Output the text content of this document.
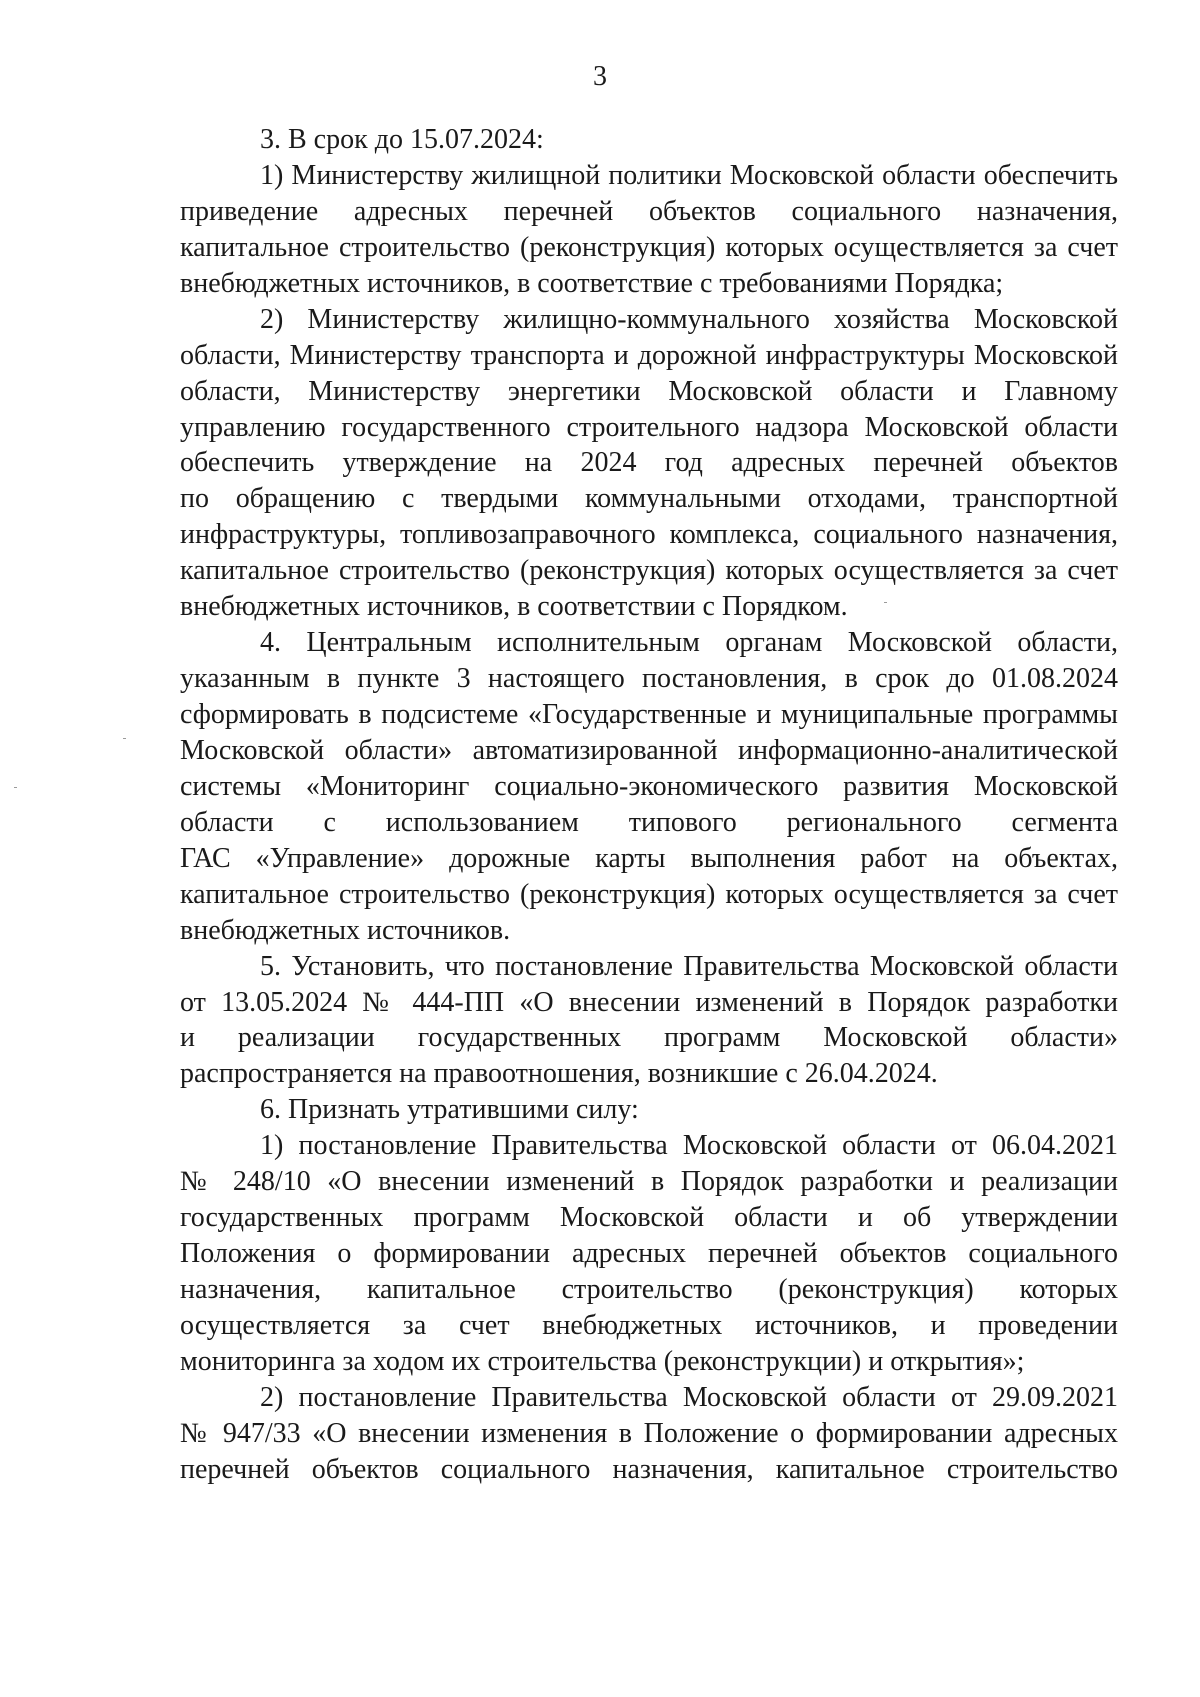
3
3. В срок до 15.07.2024:
1) Министерству жилищной политики Московской области обеспечить
приведение адресных перечней объектов социального назначения,
капитальное строительство (реконструкция) которых осуществляется за счет
внебюджетных источников, в соответствие с требованиями Порядка;
2) Министерству жилищно-коммунального хозяйства Московской
области, Министерству транспорта и дорожной инфраструктуры Московской
области, Министерству энергетики Московской области и Главному
управлению государственного строительного надзора Московской области
обеспечить утверждение на 2024 год адресных перечней объектов
по обращению с твердыми коммунальными отходами, транспортной
инфраструктуры, топливозаправочного комплекса, социального назначения,
капитальное строительство (реконструкция) которых осуществляется за счет
внебюджетных источников, в соответствии с Порядком.
4. Центральным исполнительным органам Московской области,
указанным в пункте 3 настоящего постановления, в срок до 01.08.2024
сформировать в подсистеме «Государственные и муниципальные программы
Московской области» автоматизированной информационно-аналитической
системы «Мониторинг социально-экономического развития Московской
области с использованием типового регионального сегмента
ГАС «Управление» дорожные карты выполнения работ на объектах,
капитальное строительство (реконструкция) которых осуществляется за счет
внебюджетных источников.
5. Установить, что постановление Правительства Московской области
от 13.05.2024 № 444-ПП «О внесении изменений в Порядок разработки
и реализации государственных программ Московской области»
распространяется на правоотношения, возникшие с 26.04.2024.
6. Признать утратившими силу:
1) постановление Правительства Московской области от 06.04.2021
№ 248/10 «О внесении изменений в Порядок разработки и реализации
государственных программ Московской области и об утверждении
Положения о формировании адресных перечней объектов социального
назначения, капитальное строительство (реконструкция) которых
осуществляется за счет внебюджетных источников, и проведении
мониторинга за ходом их строительства (реконструкции) и открытия»;
2) постановление Правительства Московской области от 29.09.2021
№ 947/33 «О внесении изменения в Положение о формировании адресных
перечней объектов социального назначения, капитальное строительство
